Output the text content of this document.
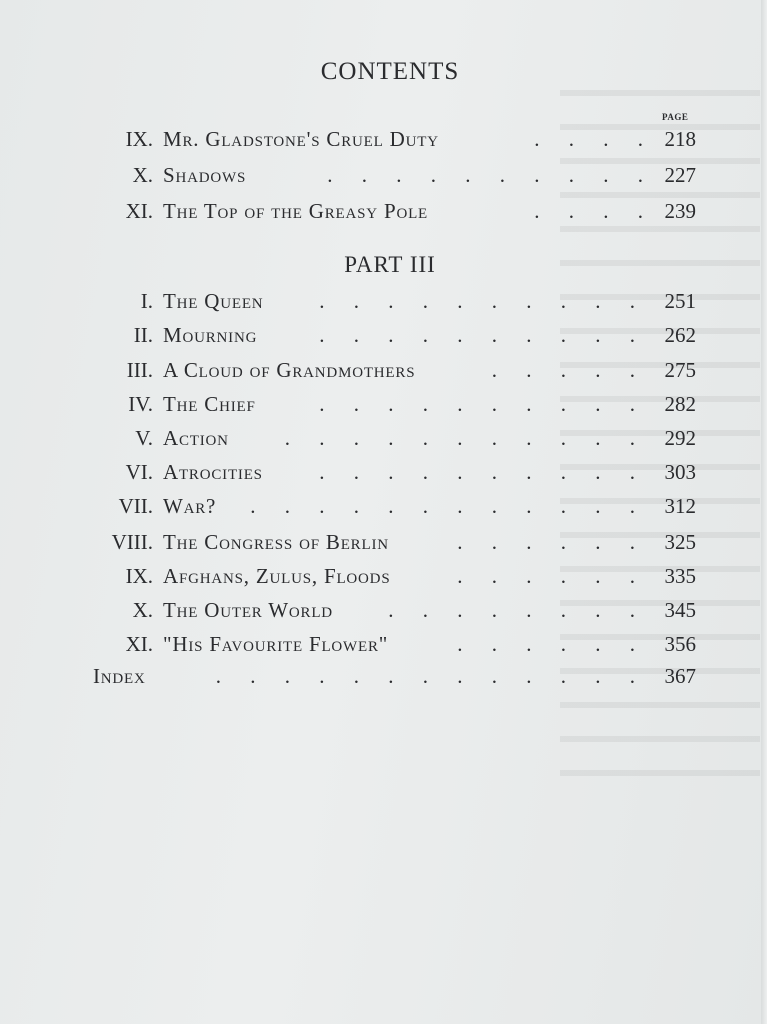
CONTENTS
PAGE
IX. Mr. Gladstone's Cruel Duty	. . . . 218
X. Shadows	. . . . . . . . . . 227
XI. The Top of the Greasy Pole	. . . . 239
PART III
I. The Queen	. . . . . . . . . . 251
II. Mourning	. . . . . . . . . . 262
III. A Cloud of Grandmothers	. . . . . 275
IV. The Chief	. . . . . . . . . . 282
V. Action	. . . . . . . . . . . 292
VI. Atrocities	. . . . . . . . . . 303
VII. War? . . . . . . . . . . . . 312
VIII. The Congress of Berlin	. . . . . . 325
IX. Afghans, Zulus, Floods	. . . . . . 335
X. The Outer World	. . . . . . . . 345
XI. "His Favourite Flower"	. . . . . . 356
Index	. . . . . . . . . . . . . 367
